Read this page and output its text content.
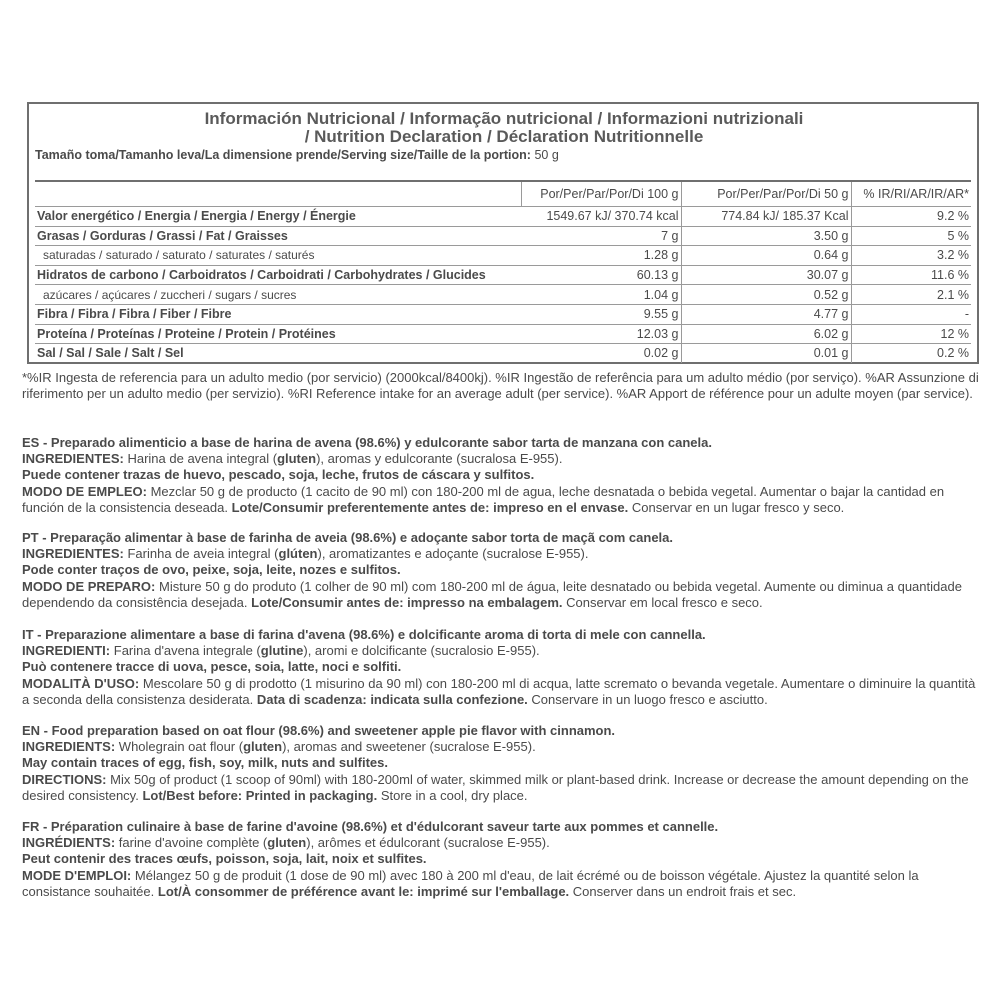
Información Nutricional / Informação nutricional / Informazioni nutrizionali
/ Nutrition Declaration / Déclaration Nutritionnelle
Tamaño toma/Tamanho leva/La dimensione prende/Serving size/Taille de la portion: 50 g
	Por/Per/Par/Por/Di 100 g	Por/Per/Par/Por/Di 50 g	% IR/RI/AR/IR/AR*
Valor energético / Energia / Energia / Energy / Énergie	1549.67 kJ/ 370.74 kcal	774.84 kJ/ 185.37 Kcal	9.2 %
Grasas / Gorduras / Grassi / Fat / Graisses	7 g	3.50 g	5 %
saturadas / saturado / saturato / saturates / saturés	1.28 g	0.64 g	3.2 %
Hidratos de carbono / Carboidratos / Carboidrati / Carbohydrates / Glucides	60.13 g	30.07 g	11.6 %
azúcares / açúcares / zuccheri / sugars / sucres	1.04 g	0.52 g	2.1 %
Fibra / Fibra / Fibra / Fiber / Fibre	9.55 g	4.77 g	-
Proteína / Proteínas / Proteine / Protein / Protéines	12.03 g	6.02 g	12 %
Sal / Sal / Sale / Salt / Sel	0.02 g	0.01 g	0.2 %

*%IR Ingesta de referencia para un adulto medio (por servicio) (2000kcal/8400kj). %IR Ingestão de referência para um adulto médio (por serviço). %AR Assunzione di riferimento per un adulto medio (per servizio). %RI Reference intake for an average adult (per service). %AR Apport de référence pour un adulte moyen (par service).

ES - Preparado alimenticio a base de harina de avena (98.6%) y edulcorante sabor tarta de manzana con canela.

INGREDIENTES: Harina de avena integral (gluten), aromas y edulcorante (sucralosa E-955).

Puede contener trazas de huevo, pescado, soja, leche, frutos de cáscara y sulfitos.

MODO DE EMPLEO: Mezclar 50 g de producto (1 cacito de 90 ml) con 180-200 ml de agua, leche desnatada o bebida vegetal. Aumentar o bajar la cantidad en función de la consistencia deseada. Lote/Consumir preferentemente antes de: impreso en el envase. Conservar en un lugar fresco y seco.

PT - Preparação alimentar à base de farinha de aveia (98.6%) e adoçante sabor torta de maçã com canela.

INGREDIENTES: Farinha de aveia integral (glúten), aromatizantes e adoçante (sucralose E-955).

Pode conter traços de ovo, peixe, soja, leite, nozes e sulfitos.

MODO DE PREPARO: Misture 50 g do produto (1 colher de 90 ml) com 180-200 ml de água, leite desnatado ou bebida vegetal. Aumente ou diminua a quantidade dependendo da consistência desejada. Lote/Consumir antes de: impresso na embalagem. Conservar em local fresco e seco.

IT - Preparazione alimentare a base di farina d'avena (98.6%) e dolcificante aroma di torta di mele con cannella.

INGREDIENTI: Farina d'avena integrale (glutine), aromi e dolcificante (sucralosio E-955).

Può contenere tracce di uova, pesce, soia, latte, noci e solfiti.

MODALITÀ D'USO: Mescolare 50 g di prodotto (1 misurino da 90 ml) con 180-200 ml di acqua, latte scremato o bevanda vegetale. Aumentare o diminuire la quantità a seconda della consistenza desiderata. Data di scadenza: indicata sulla confezione. Conservare in un luogo fresco e asciutto.

EN - Food preparation based on oat flour (98.6%) and sweetener apple pie flavor with cinnamon.

INGREDIENTS: Wholegrain oat flour (gluten), aromas and sweetener (sucralose E-955).

May contain traces of egg, fish, soy, milk, nuts and sulfites.

DIRECTIONS: Mix 50g of product (1 scoop of 90ml) with 180-200ml of water, skimmed milk or plant-based drink. Increase or decrease the amount depending on the desired consistency. Lot/Best before: Printed in packaging. Store in a cool, dry place.

FR - Préparation culinaire à base de farine d'avoine (98.6%) et d'édulcorant saveur tarte aux pommes et cannelle.

INGRÉDIENTS: farine d'avoine complète (gluten), arômes et édulcorant (sucralose E-955).

Peut contenir des traces œufs, poisson, soja, lait, noix et sulfites.

MODE D'EMPLOI: Mélangez 50 g de produit (1 dose de 90 ml) avec 180 à 200 ml d'eau, de lait écrémé ou de boisson végétale. Ajustez la quantité selon la consistance souhaitée. Lot/À consommer de préférence avant le: imprimé sur l'emballage. Conserver dans un endroit frais et sec.
